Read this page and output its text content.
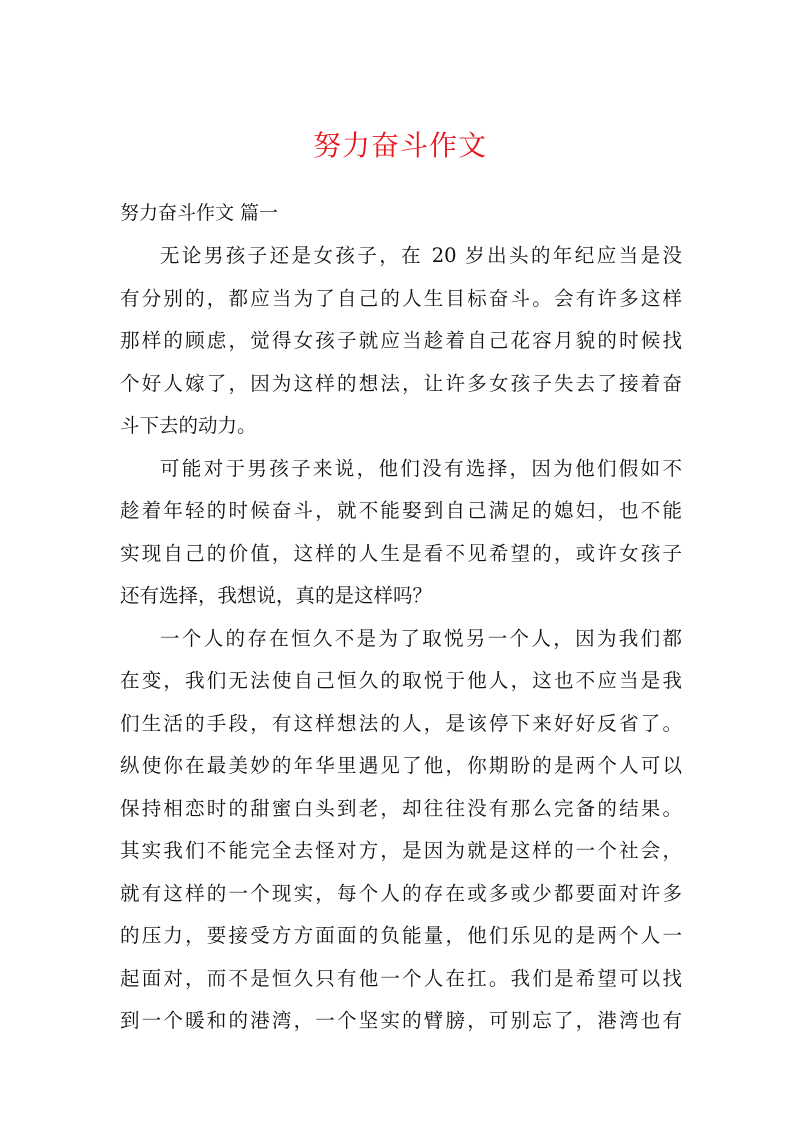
努力奋斗作文
努力奋斗作文 篇一
无论男孩子还是女孩子，在 20 岁出头的年纪应当是没
有分别的，都应当为了自己的人生目标奋斗。会有许多这样
那样的顾虑，觉得女孩子就应当趁着自己花容月貌的时候找
个好人嫁了，因为这样的想法，让许多女孩子失去了接着奋
斗下去的动力。
可能对于男孩子来说，他们没有选择，因为他们假如不
趁着年轻的时候奋斗，就不能娶到自己满足的媳妇，也不能
实现自己的价值，这样的人生是看不见希望的，或许女孩子
还有选择，我想说，真的是这样吗？
一个人的存在恒久不是为了取悦另一个人，因为我们都
在变，我们无法使自己恒久的取悦于他人，这也不应当是我
们生活的手段，有这样想法的人，是该停下来好好反省了。
纵使你在最美妙的年华里遇见了他，你期盼的是两个人可以
保持相恋时的甜蜜白头到老，却往往没有那么完备的结果。
其实我们不能完全去怪对方，是因为就是这样的一个社会，
就有这样的一个现实，每个人的存在或多或少都要面对许多
的压力，要接受方方面面的负能量，他们乐见的是两个人一
起面对，而不是恒久只有他一个人在扛。我们是希望可以找
到一个暖和的港湾，一个坚实的臂膀，可别忘了，港湾也有
